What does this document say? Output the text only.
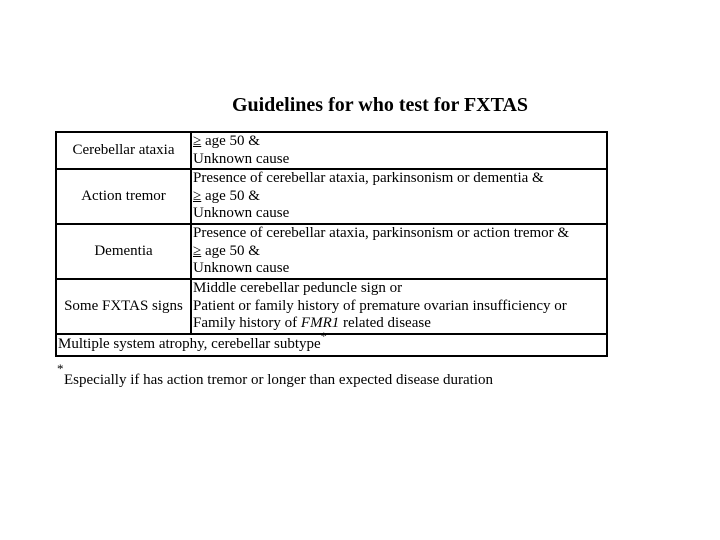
Guidelines for who test for FXTAS
Cerebellar ataxia	≥ age 50 &
Unknown cause

Action tremor	Presence of cerebellar ataxia, parkinsonism or dementia &
≥ age 50 &
Unknown cause

Dementia	Presence of cerebellar ataxia, parkinsonism or action tremor &
≥ age 50 &
Unknown cause

Some FXTAS signs	Middle cerebellar peduncle sign or
Patient or family history of premature ovarian insufficiency or
Family history of FMR1 related disease

Multiple system atrophy, cerebellar subtype*
*
Especially if has action tremor or longer than expected disease duration
